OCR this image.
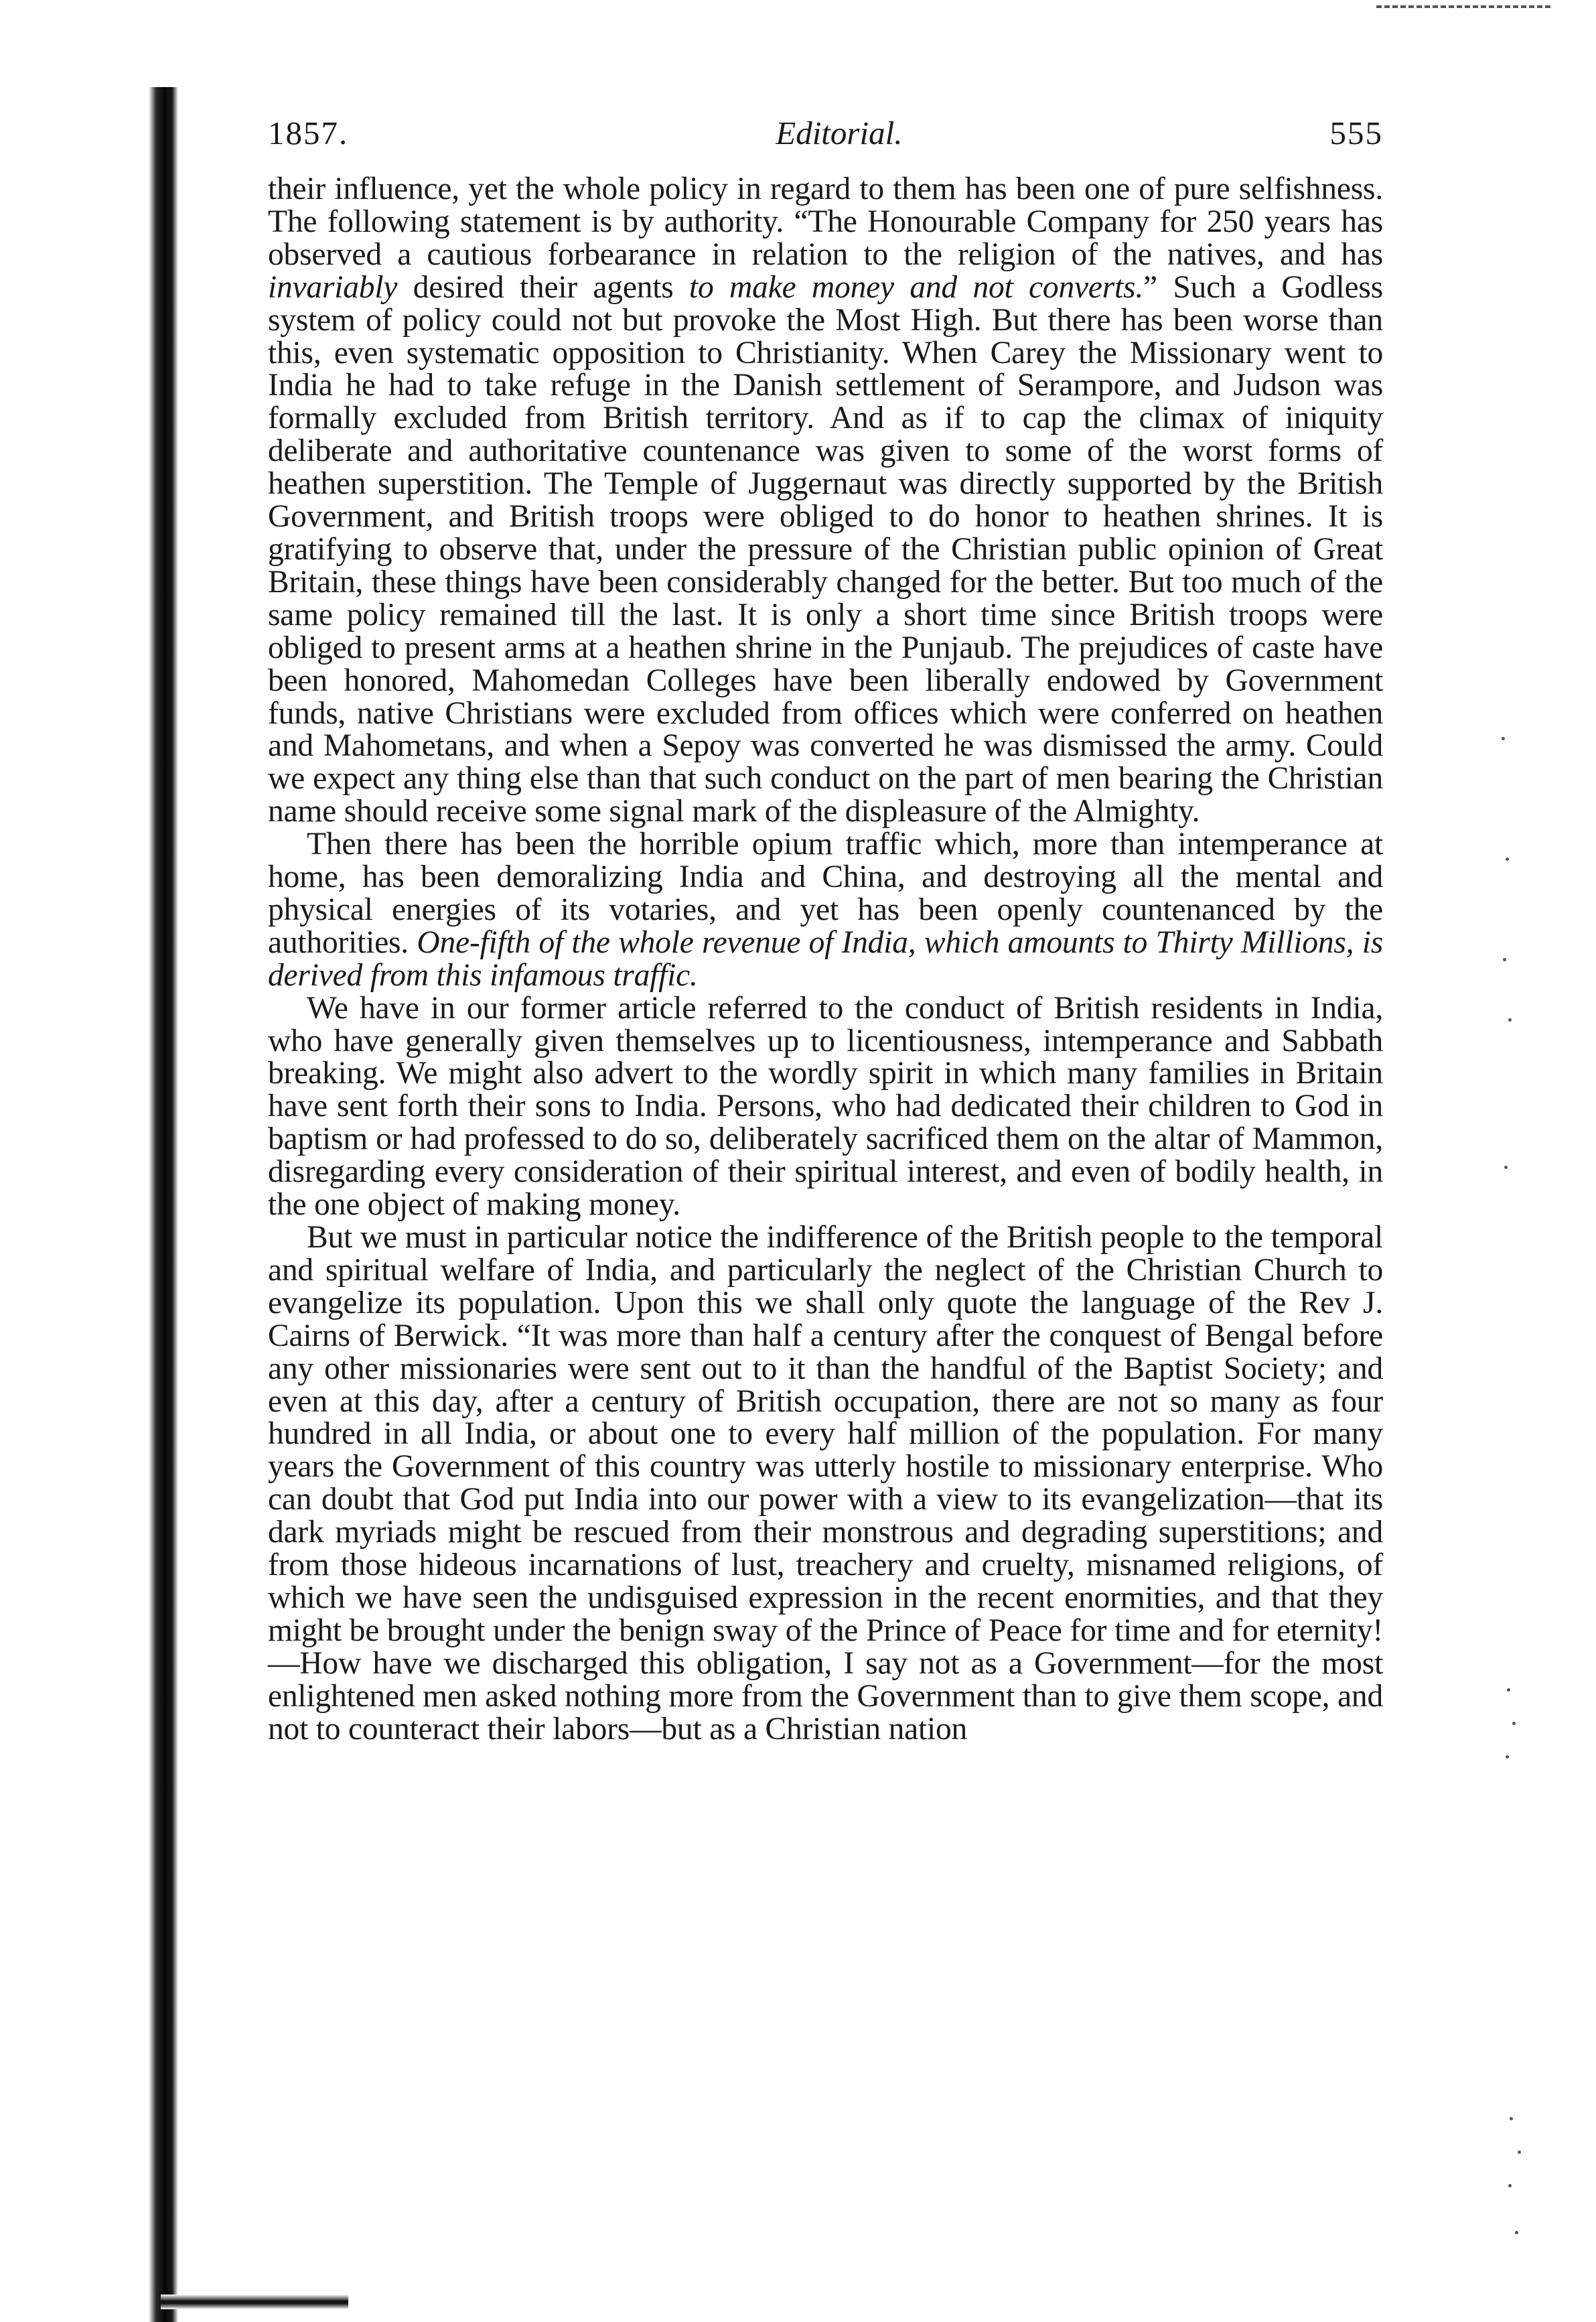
1857.	Editorial.	555

their influence, yet the whole policy in regard to them has been one of pure selfishness. The following statement is by authority. “The Honourable Company for 250 years has observed a cautious forbearance in relation to the religion of the natives, and has invariably desired their agents to make money and not converts.” Such a Godless system of policy could not but provoke the Most High. But there has been worse than this, even systematic opposition to Christianity. When Carey the Missionary went to India he had to take refuge in the Danish settlement of Serampore, and Judson was formally excluded from British territory. And as if to cap the climax of iniquity deliberate and authoritative countenance was given to some of the worst forms of heathen superstition. The Temple of Juggernaut was directly supported by the British Government, and British troops were obliged to do honor to heathen shrines. It is gratifying to observe that, under the pressure of the Christian public opinion of Great Britain, these things have been considerably changed for the better. But too much of the same policy remained till the last. It is only a short time since British troops were obliged to present arms at a heathen shrine in the Punjaub. The prejudices of caste have been honored, Mahomedan Colleges have been liberally endowed by Government funds, native Christians were excluded from offices which were conferred on heathen and Mahometans, and when a Sepoy was converted he was dismissed the army. Could we expect any thing else than that such conduct on the part of men bearing the Christian name should receive some signal mark of the displeasure of the Almighty.

Then there has been the horrible opium traffic which, more than intemperance at home, has been demoralizing India and China, and destroying all the mental and physical energies of its votaries, and yet has been openly countenanced by the authorities. One-fifth of the whole revenue of India, which amounts to Thirty Millions, is derived from this infamous traffic.

We have in our former article referred to the conduct of British residents in India, who have generally given themselves up to licentiousness, intemperance and Sabbath breaking. We might also advert to the wordly spirit in which many families in Britain have sent forth their sons to India. Persons, who had dedicated their children to God in baptism or had professed to do so, deliberately sacrificed them on the altar of Mammon, disregarding every consideration of their spiritual interest, and even of bodily health, in the one object of making money.

But we must in particular notice the indifference of the British people to the temporal and spiritual welfare of India, and particularly the neglect of the Christian Church to evangelize its population. Upon this we shall only quote the language of the Rev J. Cairns of Berwick. “It was more than half a century after the conquest of Bengal before any other missionaries were sent out to it than the handful of the Baptist Society; and even at this day, after a century of British occupation, there are not so many as four hundred in all India, or about one to every half million of the population. For many years the Government of this country was utterly hostile to missionary enterprise. Who can doubt that God put India into our power with a view to its evangelization—that its dark myriads might be rescued from their monstrous and degrading superstitions; and from those hideous incarnations of lust, treachery and cruelty, misnamed religions, of which we have seen the undisguised expression in the recent enormities, and that they might be brought under the benign sway of the Prince of Peace for time and for eternity!—How have we discharged this obligation, I say not as a Government—for the most enlightened men asked nothing more from the Government than to give them scope, and not to counteract their labors—but as a Christian nation
